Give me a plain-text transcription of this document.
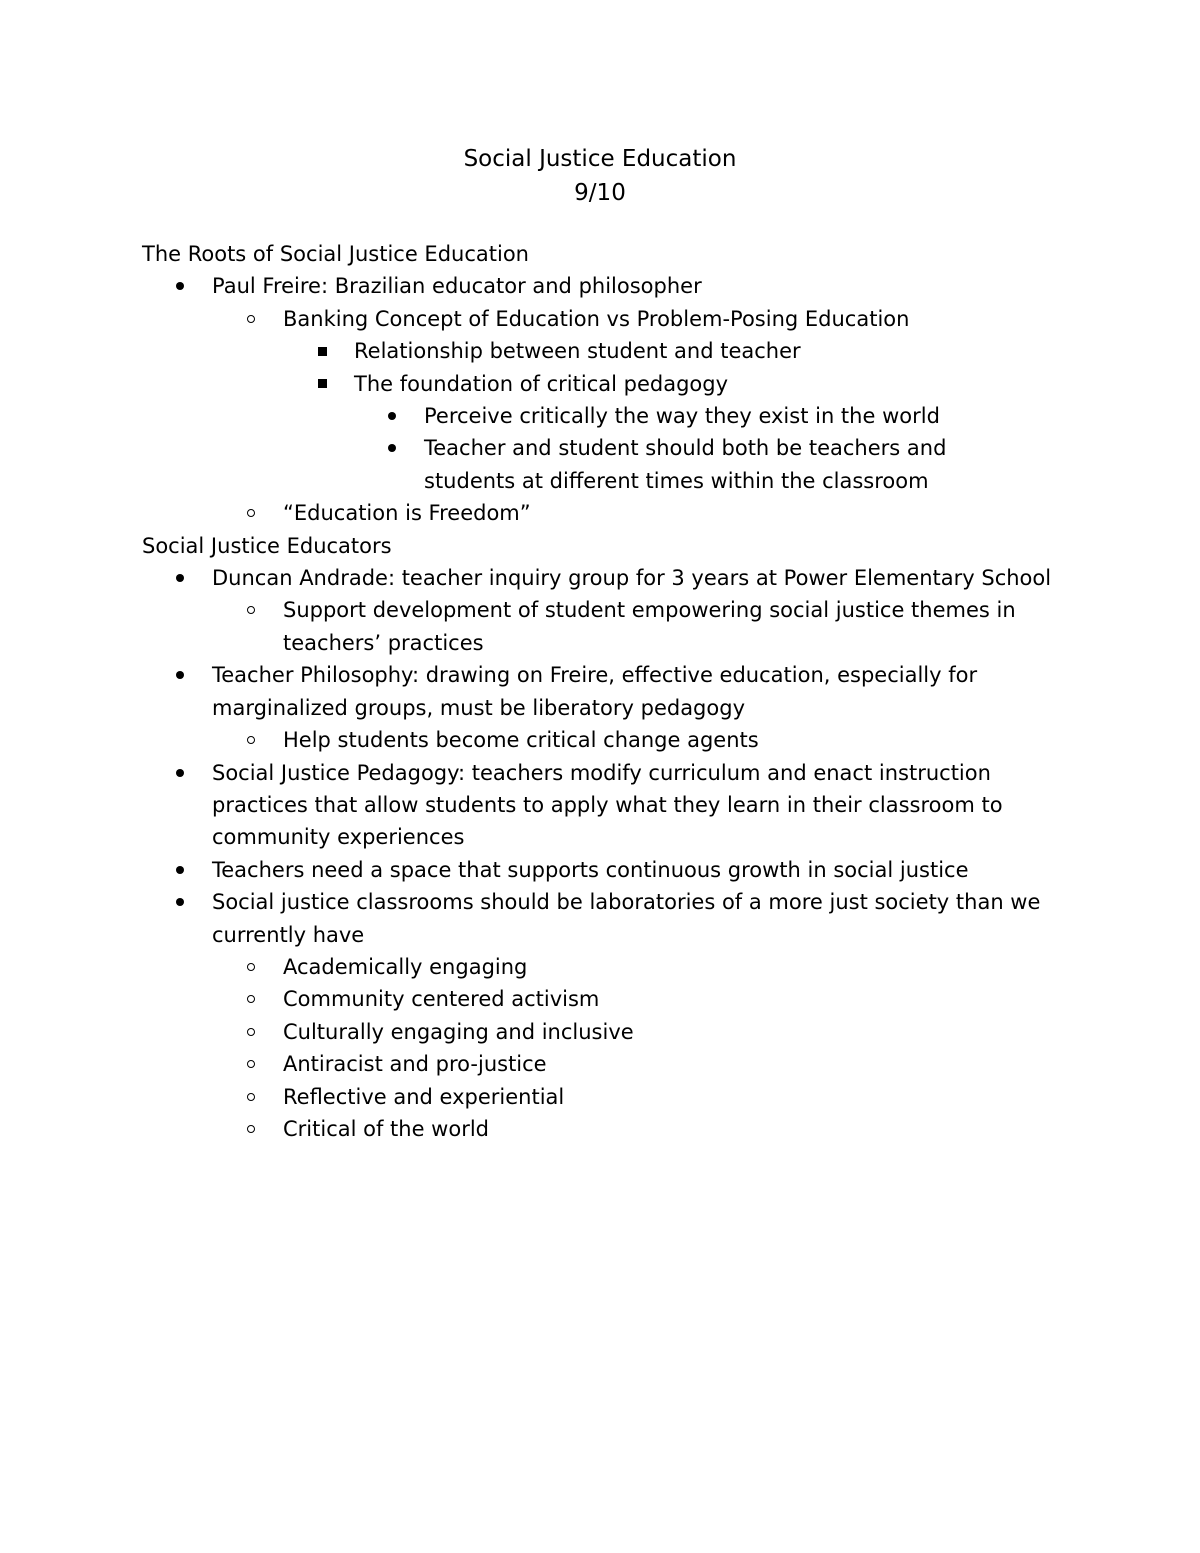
Social Justice Education
9/10
The Roots of Social Justice Education
Paul Freire: Brazilian educator and philosopher
Banking Concept of Education vs Problem-Posing Education
Relationship between student and teacher
The foundation of critical pedagogy
Perceive critically the way they exist in the world
Teacher and student should both be teachers and students at different times within the classroom
“Education is Freedom”
Social Justice Educators
Duncan Andrade: teacher inquiry group for 3 years at Power Elementary School
Support development of student empowering social justice themes in teachers’ practices
Teacher Philosophy: drawing on Freire, effective education, especially for marginalized groups, must be liberatory pedagogy
Help students become critical change agents
Social Justice Pedagogy: teachers modify curriculum and enact instruction practices that allow students to apply what they learn in their classroom to community experiences
Teachers need a space that supports continuous growth in social justice
Social justice classrooms should be laboratories of a more just society than we currently have
Academically engaging
Community centered activism
Culturally engaging and inclusive
Antiracist and pro-justice
Reflective and experiential
Critical of the world
